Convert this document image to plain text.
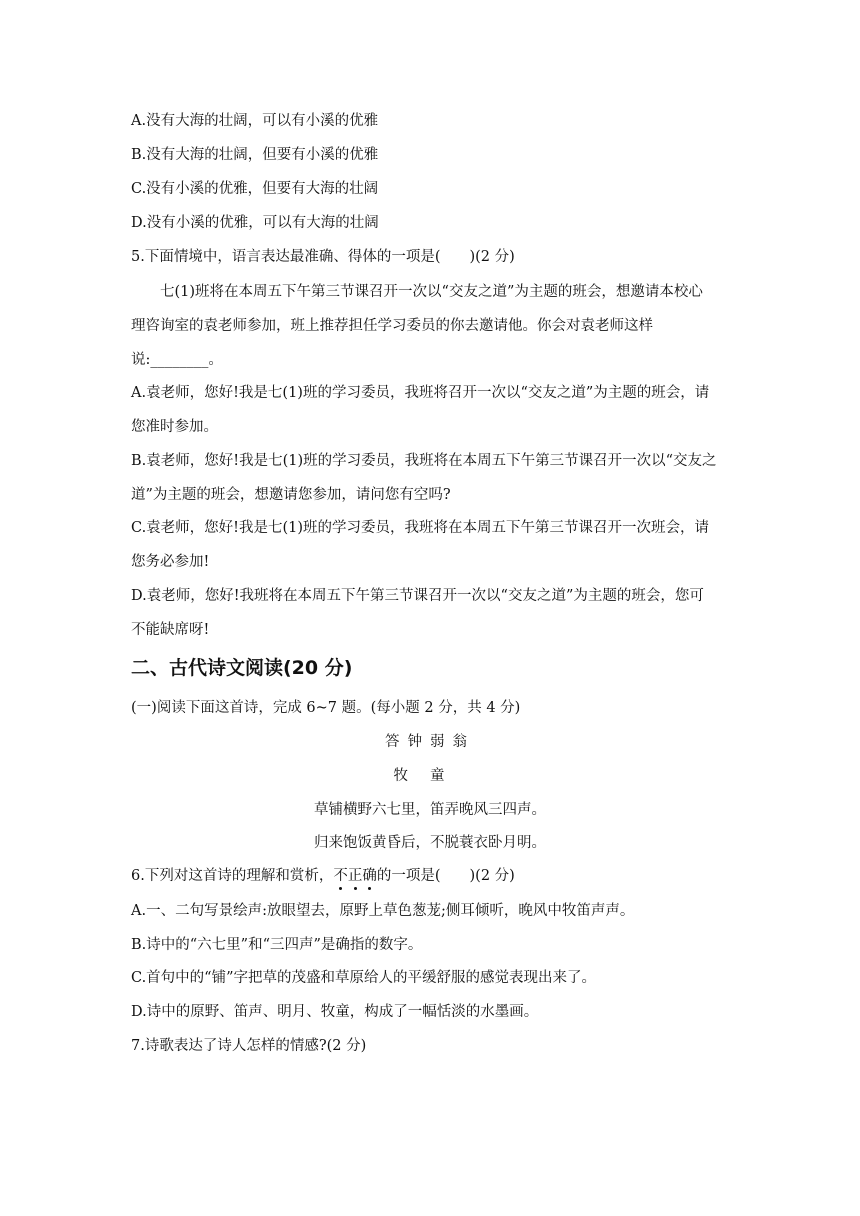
A.没有大海的壮阔，可以有小溪的优雅
B.没有大海的壮阔，但要有小溪的优雅
C.没有小溪的优雅，但要有大海的壮阔
D.没有小溪的优雅，可以有大海的壮阔
5.下面情境中，语言表达最准确、得体的一项是(　　)(2 分)
七(1)班将在本周五下午第三节课召开一次以“交友之道”为主题的班会，想邀请本校心
理咨询室的袁老师参加，班上推荐担任学习委员的你去邀请他。你会对袁老师这样
说:________。
A.袁老师，您好!我是七(1)班的学习委员，我班将召开一次以“交友之道”为主题的班会，请
您准时参加。
B.袁老师，您好!我是七(1)班的学习委员，我班将在本周五下午第三节课召开一次以“交友之
道”为主题的班会，想邀请您参加，请问您有空吗?
C.袁老师，您好!我是七(1)班的学习委员，我班将在本周五下午第三节课召开一次班会，请
您务必参加!
D.袁老师，您好!我班将在本周五下午第三节课召开一次以“交友之道”为主题的班会，您可
不能缺席呀!
二、古代诗文阅读(20 分)
(一)阅读下面这首诗，完成 6~7 题。(每小题 2 分，共 4 分)
答钟弱翁
牧童
草铺横野六七里，笛弄晚风三四声。
归来饱饭黄昏后，不脱蓑衣卧月明。
6.下列对这首诗的理解和赏析，不正确的一项是(　　)(2 分)
A.一、二句写景绘声:放眼望去，原野上草色葱茏;侧耳倾听，晚风中牧笛声声。
B.诗中的“六七里”和“三四声”是确指的数字。
C.首句中的“铺”字把草的茂盛和草原给人的平缓舒服的感觉表现出来了。
D.诗中的原野、笛声、明月、牧童，构成了一幅恬淡的水墨画。
7.诗歌表达了诗人怎样的情感?(2 分)
